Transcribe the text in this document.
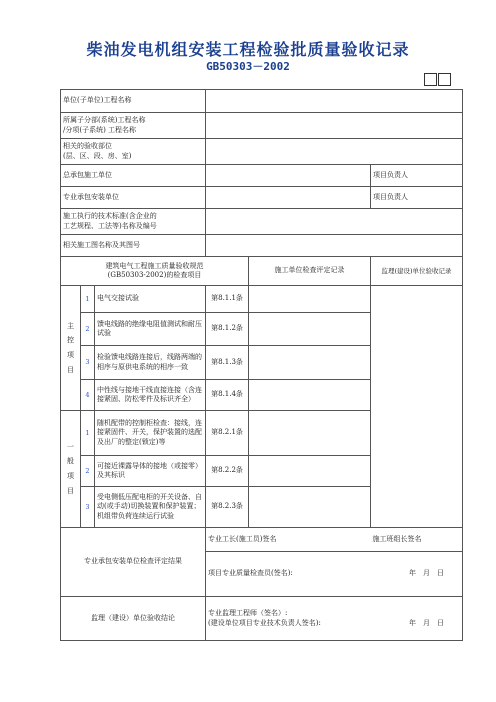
柴油发电机组安装工程检验批质量验收记录
GB50303－2002
单位(子单位)工程名称					

所属子分部(系统)工程名称
/分项(子系统) 工程名称					

相关的验收部位
(层、区、段、房、室)					

总承包施工单位					项目负责人
专业承包安装单位					项目负责人

施工执行的技术标准(含企业的
工艺规程、工法等)名称及编号					

相关施工图名称及其图号					

建筑电气工程施工质量验收规范
(GB50303-2002)的检查项目				施工单位检查评定记录	监理(建设)单位验收记录

主
控
项
目	1	电气交接试验	第8.1.1条		
	2	馈电线路的绝缘电阻值测试和耐压试验	第8.1.2条		
	3	检验馈电线路连接后，线路两端的相序与原供电系统的相序一致	第8.1.3条		
	4	中性线与接地干线直接连接（含连接紧固、防松零件及标识齐全）	第8.1.4条		

一
般
项
目	1	随机配带的控制柜检查：接线，连接紧固件、开关，保护装置的选配及出厂的整定(锁定)等	第8.2.1条		
	2	可接近裸露导体的接地（或接零）及其标识	第8.2.2条		
	3	受电侧低压配电柜的开关设备、自动(或手动)切换装置和保护装置；机组带负荷连续运行试验	第8.2.3条		
专业承包安装单位检查评定结果			专业工长(施工员)签名		施工班组长签名

			项目专业质量检查员(签名): 年　月　日		

监理（建设）单位验收结论			专业监理工程师（签名）:
(建设单位项目专业技术负责人签名): 年　月　日		
